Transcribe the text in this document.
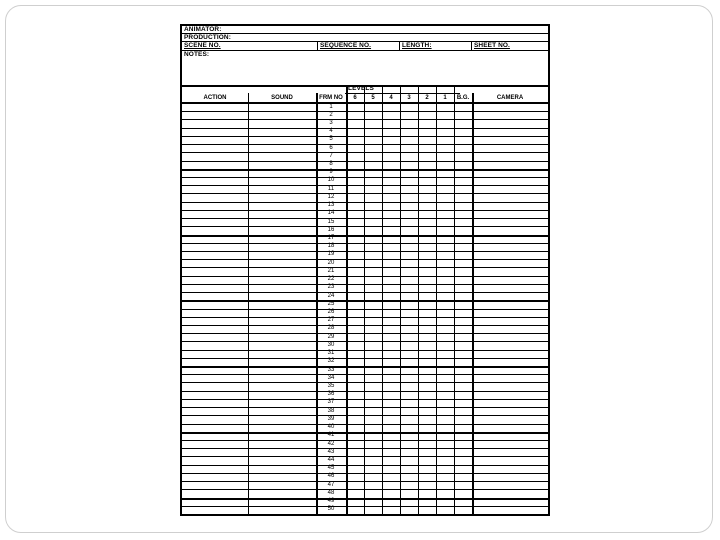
ANIMATOR:
PRODUCTION:
SCENE NO.	SEQUENCE NO.	LENGTH:	SHEET NO.
NOTES:
LEVELS
ACTION	SOUND	FRM NO	6	5	4	3	2	1	B.G.	CAMERA
1
2
3
4
5
6
7
8
9
10
11
12
13
14
15
16
17
18
19
20
21
22
23
24
25
26
27
28
29
30
31
32
33
34
35
36
37
38
39
40
41
42
43
44
45
46
47
48
49
50
